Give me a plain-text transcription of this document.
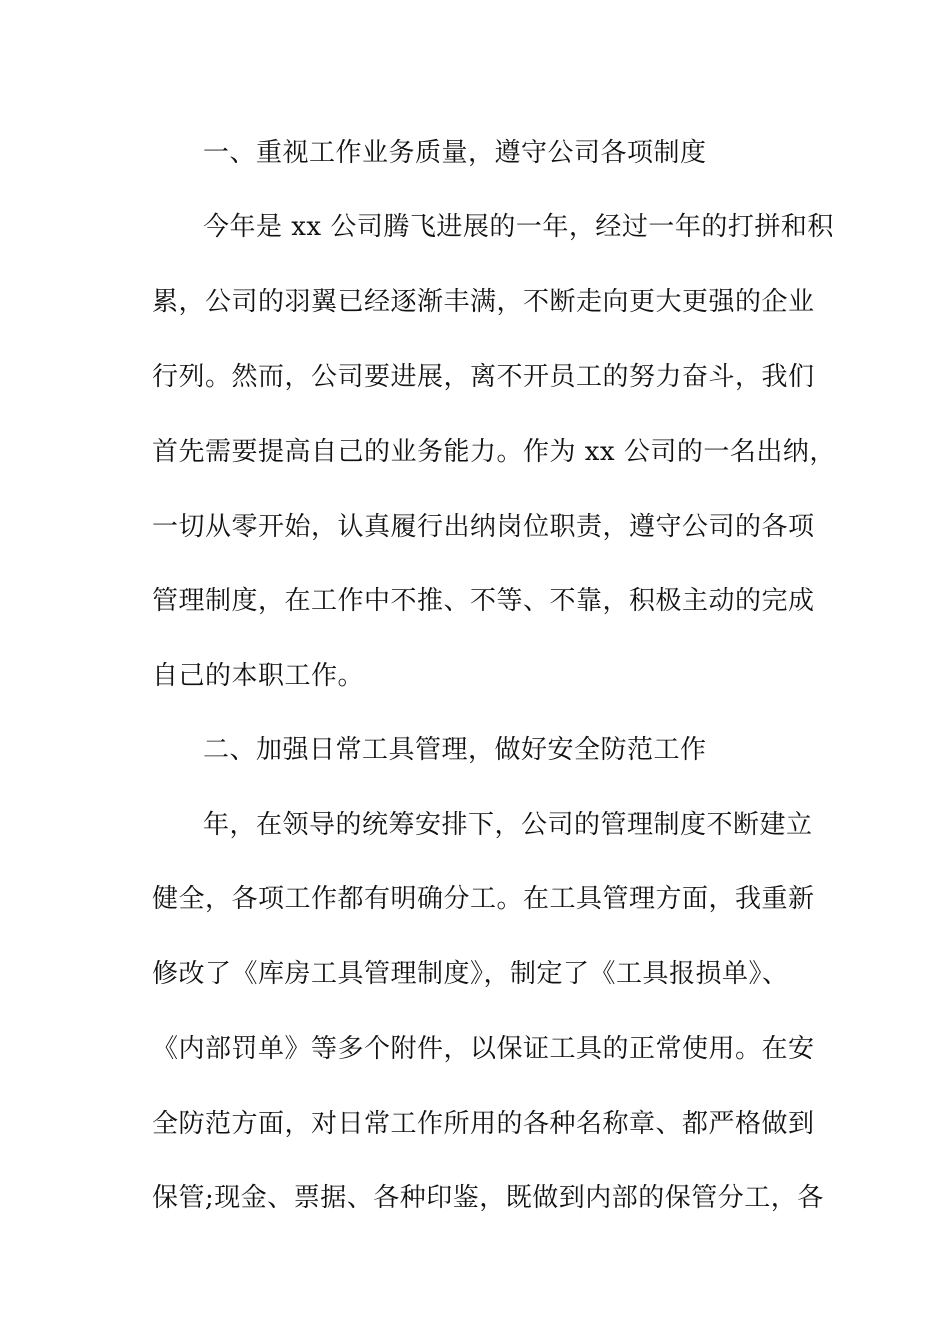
一、重视工作业务质量，遵守公司各项制度
今年是 xx 公司腾飞进展的一年，经过一年的打拼和积
累，公司的羽翼已经逐渐丰满，不断走向更大更强的企业
行列。然而，公司要进展，离不开员工的努力奋斗，我们
首先需要提高自己的业务能力。作为 xx 公司的一名出纳，
一切从零开始，认真履行出纳岗位职责，遵守公司的各项
管理制度，在工作中不推、不等、不靠，积极主动的完成
自己的本职工作。
二、加强日常工具管理，做好安全防范工作
年，在领导的统筹安排下，公司的管理制度不断建立
健全，各项工作都有明确分工。在工具管理方面，我重新
修改了《库房工具管理制度》，制定了《工具报损单》、
《内部罚单》等多个附件，以保证工具的正常使用。在安
全防范方面，对日常工作所用的各种名称章、都严格做到
保管;现金、票据、各种印鉴，既做到内部的保管分工，各
